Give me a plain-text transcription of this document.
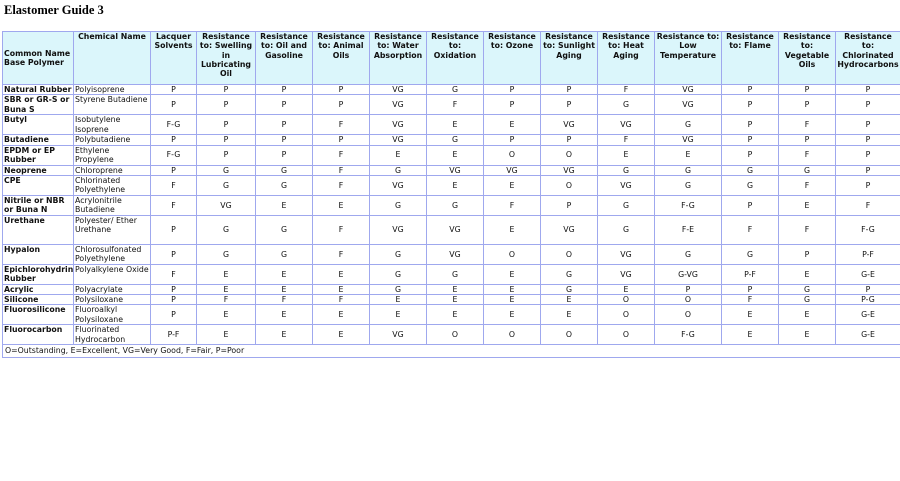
Elastomer Guide 3
Common Name Base Polymer	Chemical Name	Lacquer Solvents	Resistance to: Swelling in Lubricating Oil	Resistance to: Oil and Gasoline	Resistance to: Animal Oils	Resistance to: Water Absorption	Resistance to: Oxidation	Resistance to: Ozone	Resistance to: Sunlight Aging	Resistance to: Heat Aging	Resistance to: Low Temperature	Resistance to: Flame	Resistance to: Vegetable Oils	Resistance to: Chlorinated Hydrocarbons
Natural Rubber	Polyisoprene	P	P	P	P	VG	G	P	P	F	VG	P	P	P
SBR or GR-S or Buna S	Styrene Butadiene	P	P	P	P	VG	F	P	P	G	VG	P	P	P
Butyl	Isobutylene Isoprene	F-G	P	P	F	VG	E	E	VG	VG	G	P	F	P
Butadiene	Polybutadiene	P	P	P	P	VG	G	P	P	F	VG	P	P	P
EPDM or EP Rubber	Ethylene Propylene	F-G	P	P	F	E	E	O	O	E	E	P	F	P
Neoprene	Chloroprene	P	G	G	F	G	VG	VG	VG	G	G	G	G	P
CPE	Chlorinated Polyethylene	F	G	G	F	VG	E	E	O	VG	G	G	F	P
Nitrile or NBR or Buna N	Acrylonitrile Butadiene	F	VG	E	E	G	G	F	P	G	F-G	P	E	F
Urethane	Polyester/ Ether Urethane	P	G	G	F	VG	VG	E	VG	G	F-E	F	F	F-G
Hypalon	Chlorosulfonated Polyethylene	P	G	G	F	G	VG	O	O	VG	G	G	P	P-F
Epichlorohydrin Rubber	Polyalkylene Oxide	F	E	E	E	G	G	E	G	VG	G-VG	P-F	E	G-E
Acrylic	Polyacrylate	P	E	E	E	G	E	E	G	E	P	P	G	P
Silicone	Polysiloxane	P	F	F	F	E	E	E	E	O	O	F	G	P-G
Fluorosilicone	Fluoroalkyl Polysiloxane	P	E	E	E	E	E	E	E	O	O	E	E	G-E
Fluorocarbon	Fluorinated Hydrocarbon	P-F	E	E	E	VG	O	O	O	O	F-G	E	E	G-E
O=Outstanding, E=Excellent, VG=Very Good, F=Fair, P=Poor														
